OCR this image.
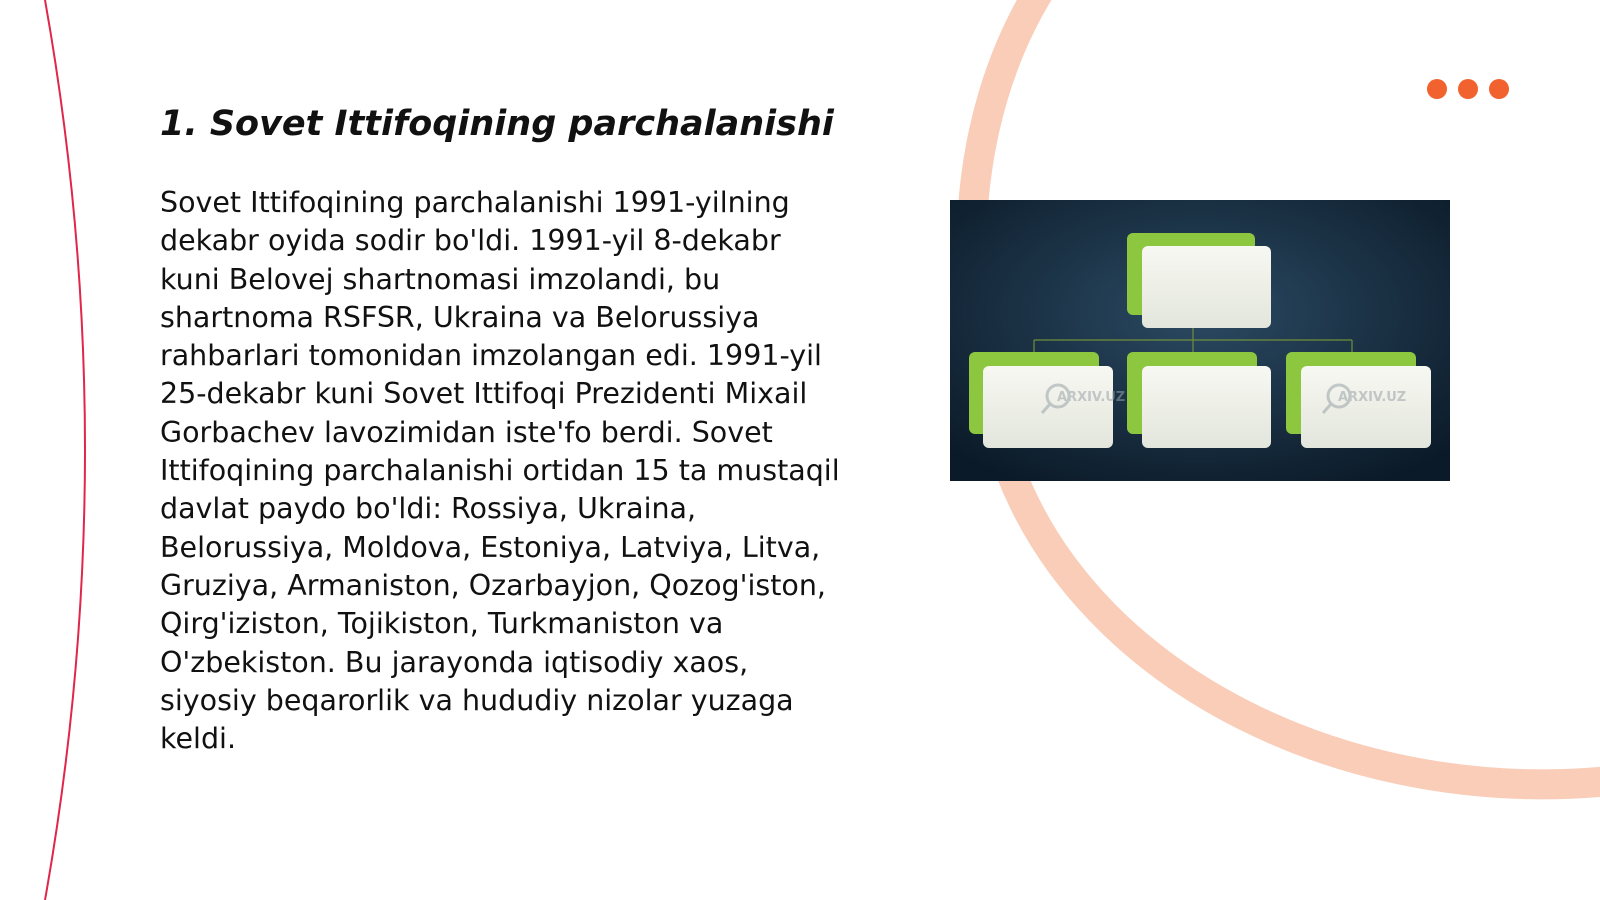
1. Sovet Ittifoqining parchalanishi

Sovet Ittifoqining parchalanishi 1991-yilning dekabr oyida sodir bo'ldi. 1991-yil 8-dekabr kuni Belovej shartnomasi imzolandi, bu shartnoma RSFSR, Ukraina va Belorussiya rahbarlari tomonidan imzolangan edi. 1991-yil 25-dekabr kuni Sovet Ittifoqi Prezidenti Mixail Gorbachev lavozimidan iste'fo berdi. Sovet Ittifoqining parchalanishi ortidan 15 ta mustaqil davlat paydo bo'ldi: Rossiya, Ukraina, Belorussiya, Moldova, Estoniya, Latviya, Litva, Gruziya, Armaniston, Ozarbayjon, Qozog'iston, Qirg'iziston, Tojikiston, Turkmaniston va O'zbekiston. Bu jarayonda iqtisodiy xaos, siyosiy beqarorlik va hududiy nizolar yuzaga keldi.

ARXIV.UZ	ARXIV.UZ
